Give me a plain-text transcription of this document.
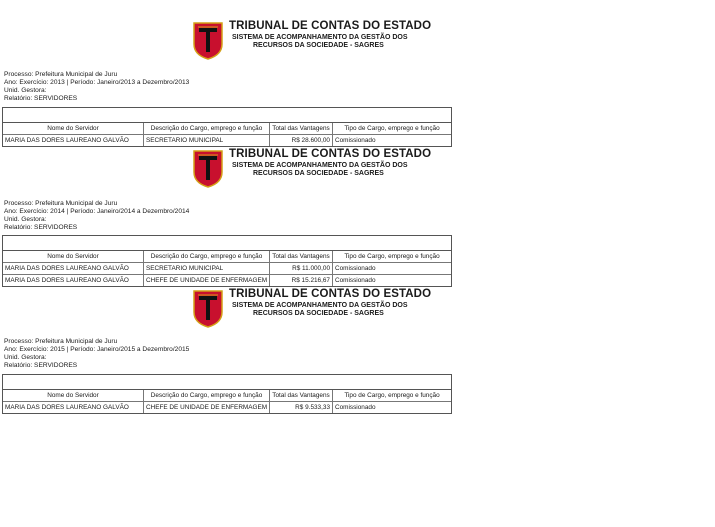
TRIBUNAL DE CONTAS DO ESTADO
SISTEMA DE ACOMPANHAMENTO DA GESTÃO DOS
RECURSOS DA SOCIEDADE - SAGRES
Processo: Prefeitura Municipal de Juru
Ano: Exercício: 2013 | Período: Janeiro/2013 a Dezembro/2013
Unid. Gestora:
Relatório: SERVIDORES
Nome do Servidor	Descrição do Cargo, emprego e função	Total das Vantagens	Tipo de Cargo, emprego e função
MARIA DAS DORES LAUREANO GALVÃO	SECRETARIO MUNICIPAL	R$ 28.600,00 Comissionado
TRIBUNAL DE CONTAS DO ESTADO
SISTEMA DE ACOMPANHAMENTO DA GESTÃO DOS
RECURSOS DA SOCIEDADE - SAGRES
Processo: Prefeitura Municipal de Juru
Ano: Exercício: 2014 | Período: Janeiro/2014 a Dezembro/2014
Unid. Gestora:
Relatório: SERVIDORES
Nome do Servidor	Descrição do Cargo, emprego e função	Total das Vantagens	Tipo de Cargo, emprego e função
MARIA DAS DORES LAUREANO GALVÃO	SECRETARIO MUNICIPAL	R$ 11.000,00 Comissionado
MARIA DAS DORES LAUREANO GALVÃO	CHEFE DE UNIDADE DE ENFERMAGEM	R$ 15.216,67 Comissionado
TRIBUNAL DE CONTAS DO ESTADO
SISTEMA DE ACOMPANHAMENTO DA GESTÃO DOS
RECURSOS DA SOCIEDADE - SAGRES
Processo: Prefeitura Municipal de Juru
Ano: Exercício: 2015 | Período: Janeiro/2015 a Dezembro/2015
Unid. Gestora:
Relatório: SERVIDORES
Nome do Servidor	Descrição do Cargo, emprego e função	Total das Vantagens	Tipo de Cargo, emprego e função
MARIA DAS DORES LAUREANO GALVÃO	CHEFE DE UNIDADE DE ENFERMAGEM	R$ 9.533,33 Comissionado
